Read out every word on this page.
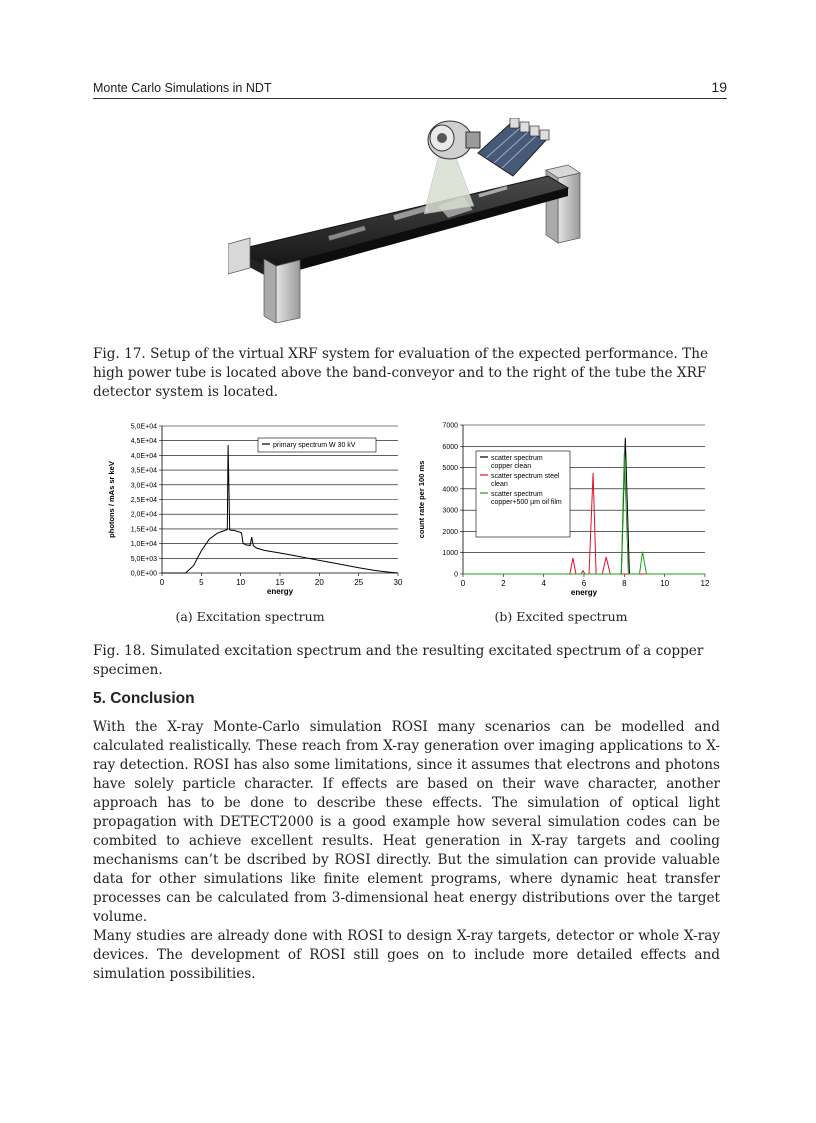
Monte Carlo Simulations in NDT	19
Fig. 17. Setup of the virtual XRF system for evaluation of the expected performance. The high power tube is located above the band-conveyor and to the right of the tube the XRF detector system is located.
0,0E+00
5,0E+03
1,0E+04
1,5E+04
2,0E+04
2,5E+04
3,0E+04
3,5E+04
4,0E+04
4,5E+04
5,0E+04
0	5	10	15	20	25	30
energy
photons / mAs sr keV
primary spectrum W 30 kV
0
1000
2000
3000
4000
5000
6000
7000
0	2	4	6	8	10	12
energy
count rate per 100 ms
scatter spectrum copper clean
scatter spectrum steel clean
scatter spectrum copper+500 µm oil film
(a) Excitation spectrum	(b) Excited spectrum
Fig. 18. Simulated excitation spectrum and the resulting excitated spectrum of a copper specimen.
5. Conclusion

With the X-ray Monte-Carlo simulation ROSI many scenarios can be modelled and calculated realistically. These reach from X-ray generation over imaging applications to X-ray detection. ROSI has also some limitations, since it assumes that electrons and photons have solely particle character. If effects are based on their wave character, another approach has to be done to describe these effects. The simulation of optical light propagation with DETECT2000 is a good example how several simulation codes can be combited to achieve excellent results. Heat generation in X-ray targets and cooling mechanisms can’t be dscribed by ROSI directly. But the simulation can provide valuable data for other simulations like finite element programs, where dynamic heat transfer processes can be calculated from 3-dimensional heat energy distributions over the target volume.

Many studies are already done with ROSI to design X-ray targets, detector or whole X-ray devices. The development of ROSI still goes on to include more detailed effects and simulation possibilities.
